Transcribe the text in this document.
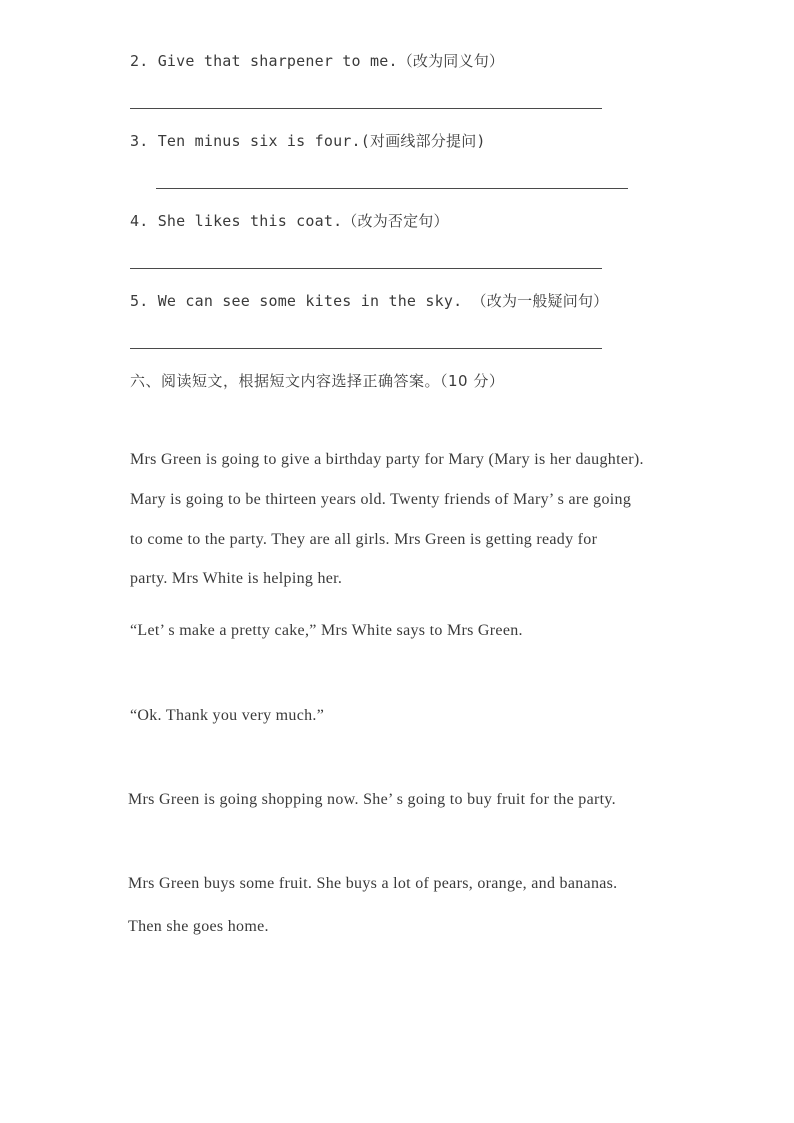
2. Give that sharpener to me.（改为同义句）
3. Ten minus six is four.(对画线部分提问)
4. She likes this coat.（改为否定句）
5. We can see some kites in the sky. （改为一般疑问句）
六、阅读短文，根据短文内容选择正确答案。（10 分）
Mrs Green is going to give a birthday party for Mary (Mary is her daughter).
Mary is going to be thirteen years old. Twenty friends of Mary’ s are going
to come to the party. They are all girls. Mrs Green is getting ready for
party. Mrs White is helping her.
“Let’ s make a pretty cake,” Mrs White says to Mrs Green.
“Ok. Thank you very much.”
Mrs Green is going shopping now. She’ s going to buy fruit for the party.
Mrs Green buys some fruit. She buys a lot of pears, orange, and bananas.
Then she goes home.
